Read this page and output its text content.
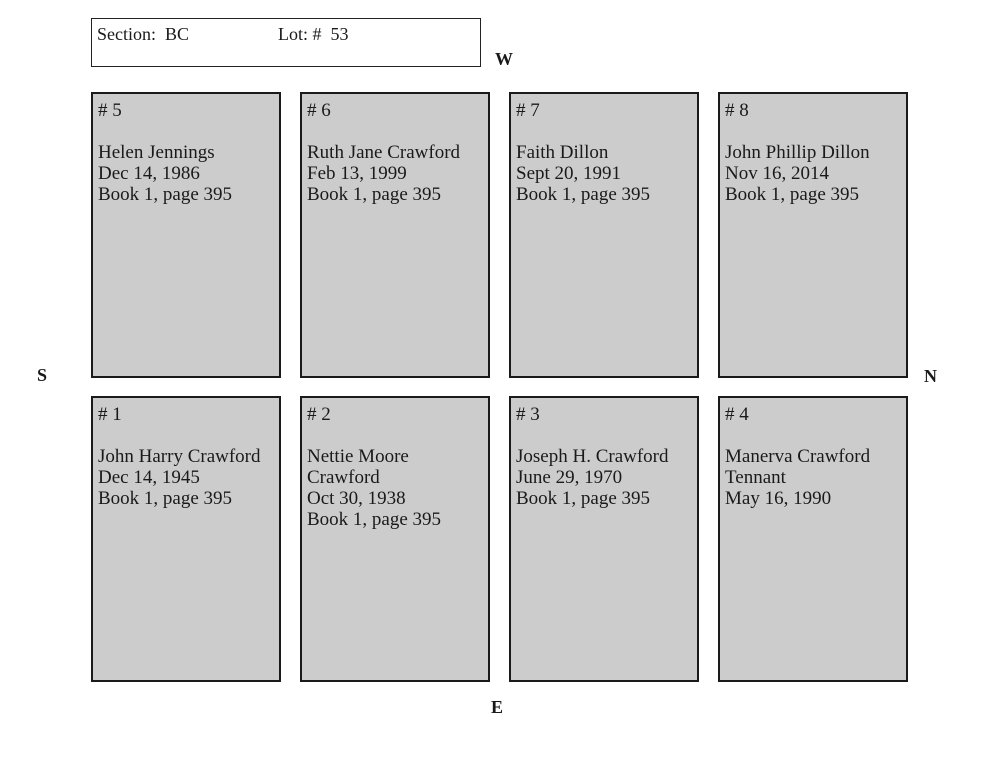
Section:  BC	Lot: #  53
W
E
S	N
# 5
Helen Jennings
Dec 14, 1986
Book 1, page 395
# 6
Ruth Jane Crawford
Feb 13, 1999
Book 1, page 395
# 7
Faith Dillon
Sept 20, 1991
Book 1, page 395
# 8
John Phillip Dillon
Nov 16, 2014
Book 1, page 395
# 1
John Harry Crawford
Dec 14, 1945
Book 1, page 395
# 2
Nettie Moore
Crawford
Oct 30, 1938
Book 1, page 395
# 3
Joseph H. Crawford
June 29, 1970
Book 1, page 395
# 4
Manerva Crawford
Tennant
May 16, 1990
